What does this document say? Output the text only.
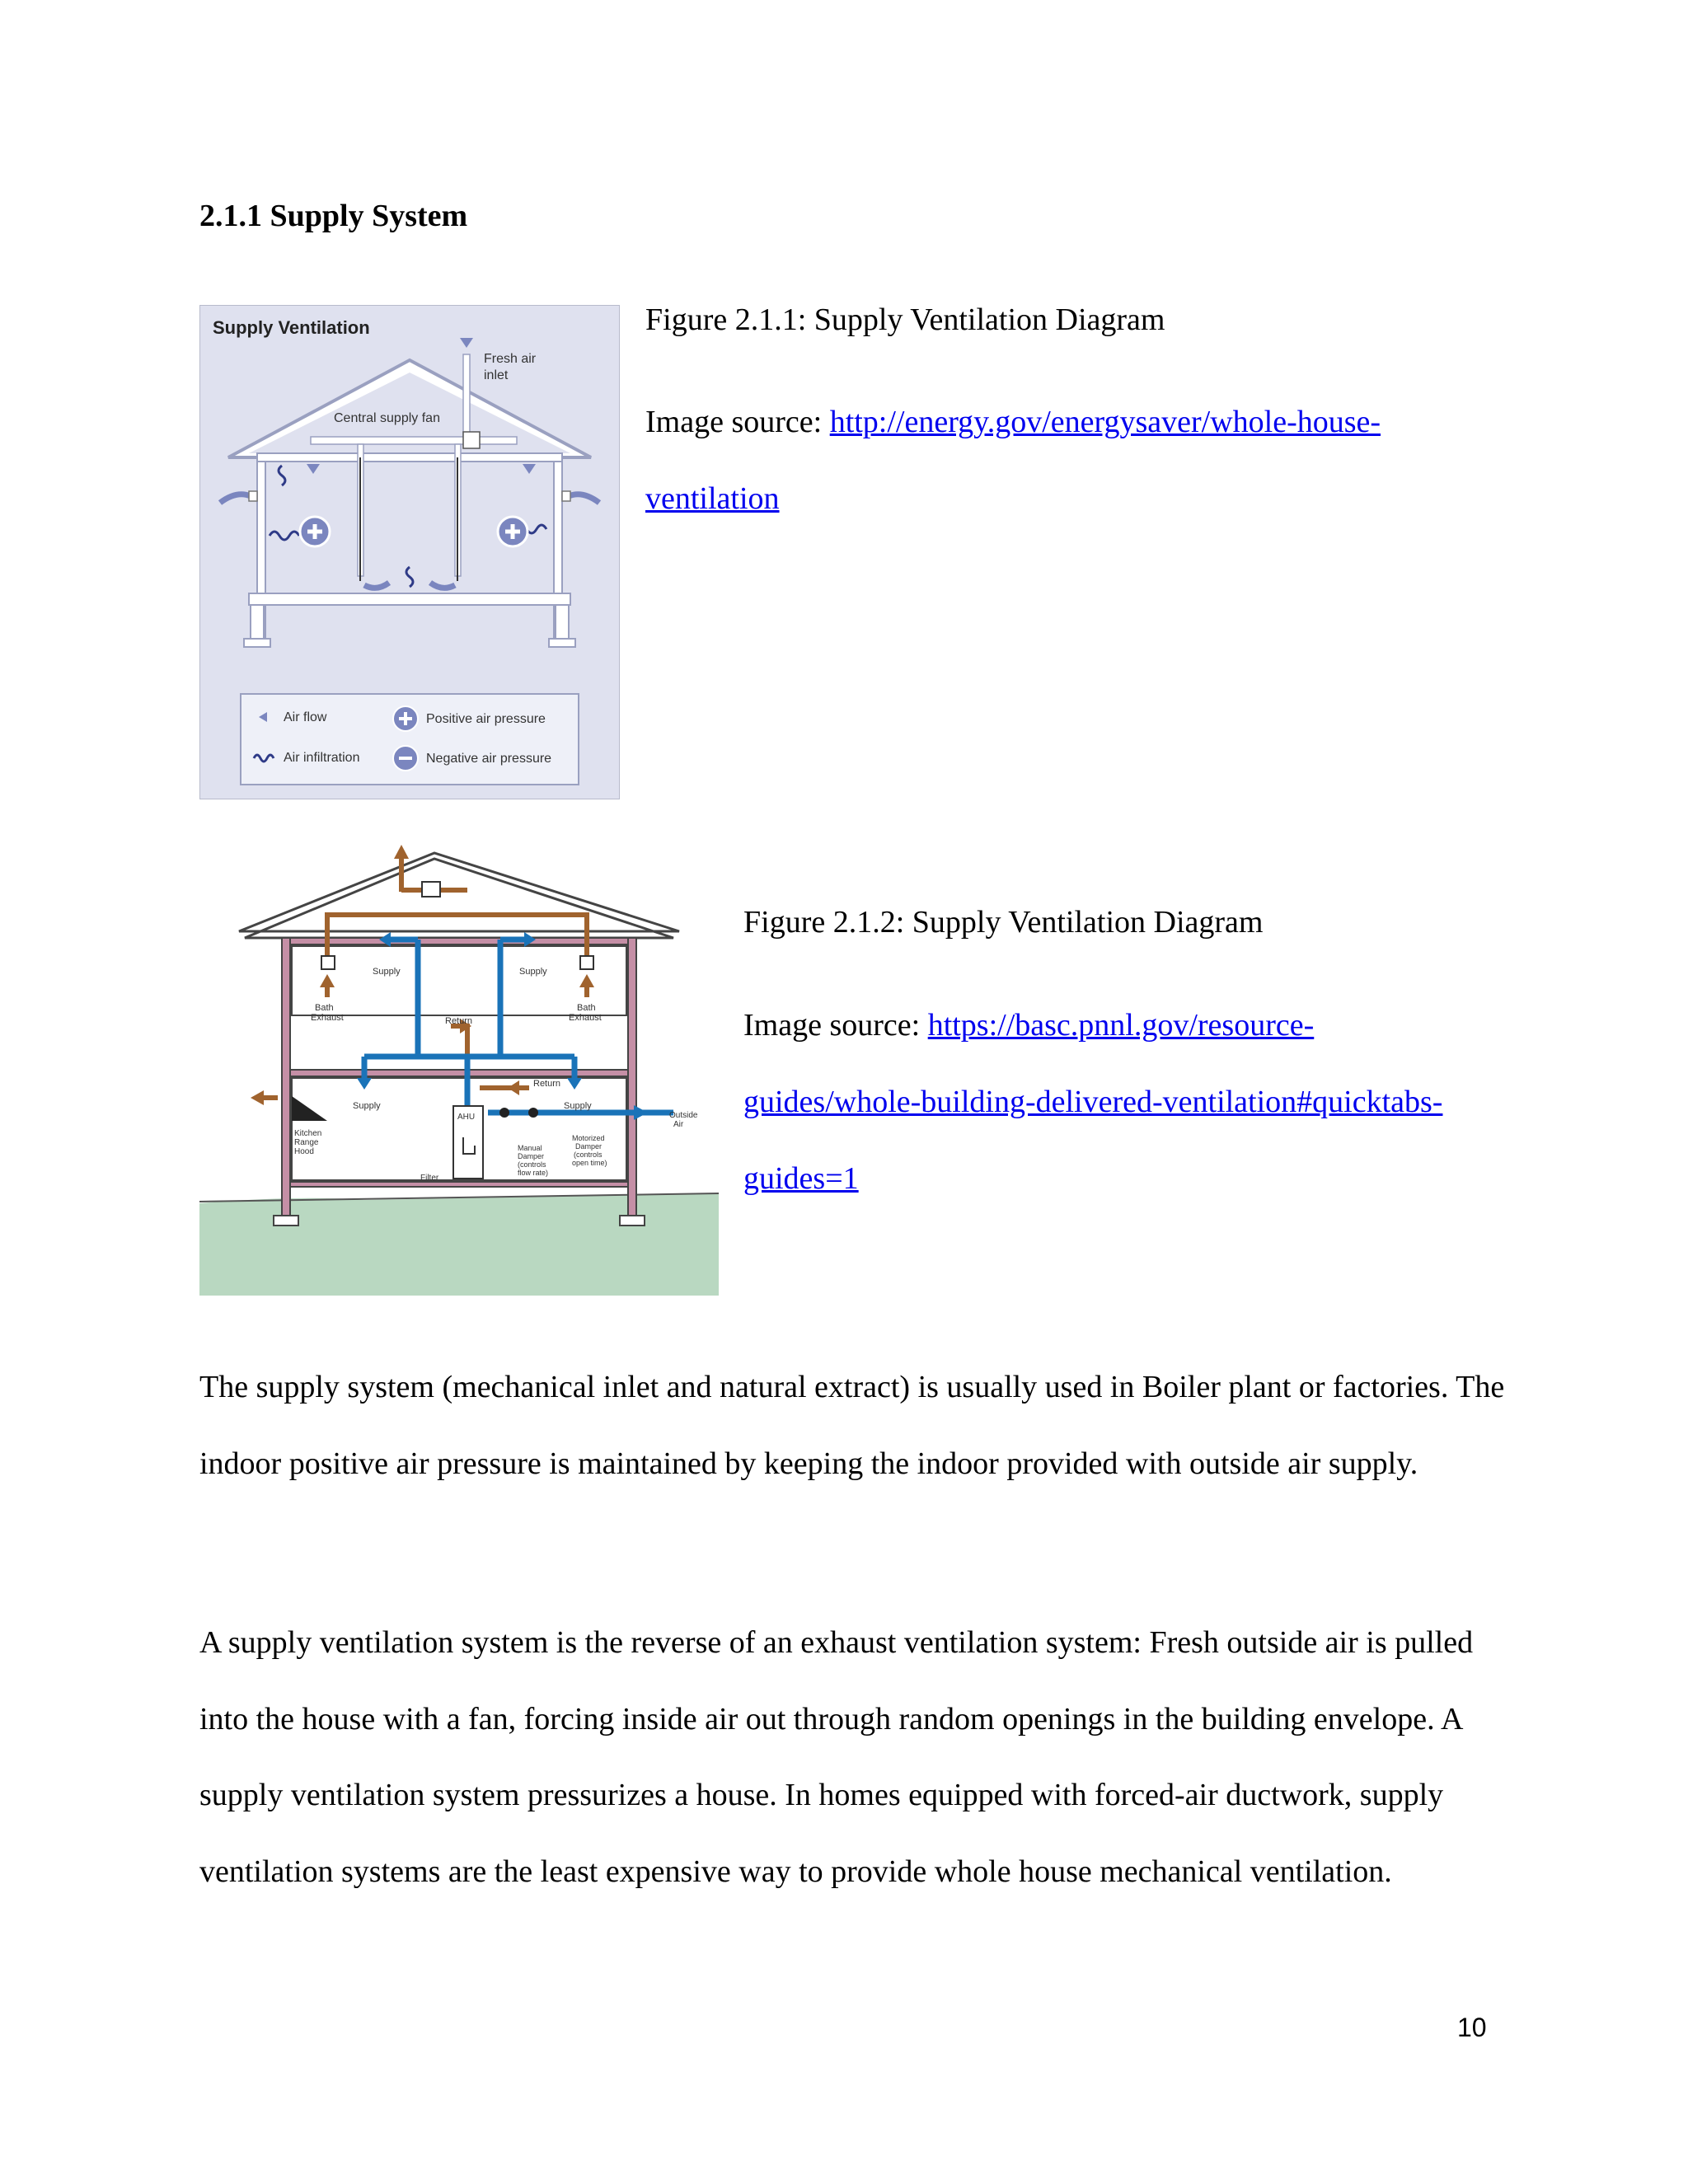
2.1.1 Supply System
Supply Ventilation
Fresh air
inlet
Central supply fan
Air flow
Air infiltration
Positive air pressure
Negative air pressure
Figure 2.1.1: Supply Ventilation Diagram
Image source: http://energy.gov/energysaver/whole-house-
ventilation
Supply	Supply
Bath
Exhaust
Bath
Exhaust
Return
Return
Supply	Supply
Kitchen
Range
Hood
AHU
Filter
Outside
Air
Manual
Damper
(controls
flow rate)
Motorized
Damper
(controls
open time)
Figure 2.1.2: Supply Ventilation Diagram
Image source: https://basc.pnnl.gov/resource-
guides/whole-building-delivered-ventilation#quicktabs-
guides=1

The supply system (mechanical inlet and natural extract) is usually used in Boiler plant or factories. The indoor positive air pressure is maintained by keeping the indoor provided with outside air supply.

A supply ventilation system is the reverse of an exhaust ventilation system: Fresh outside air is pulled into the house with a fan, forcing inside air out through random openings in the building envelope. A supply ventilation system pressurizes a house. In homes equipped with forced-air ductwork, supply ventilation systems are the least expensive way to provide whole house mechanical ventilation.

10
